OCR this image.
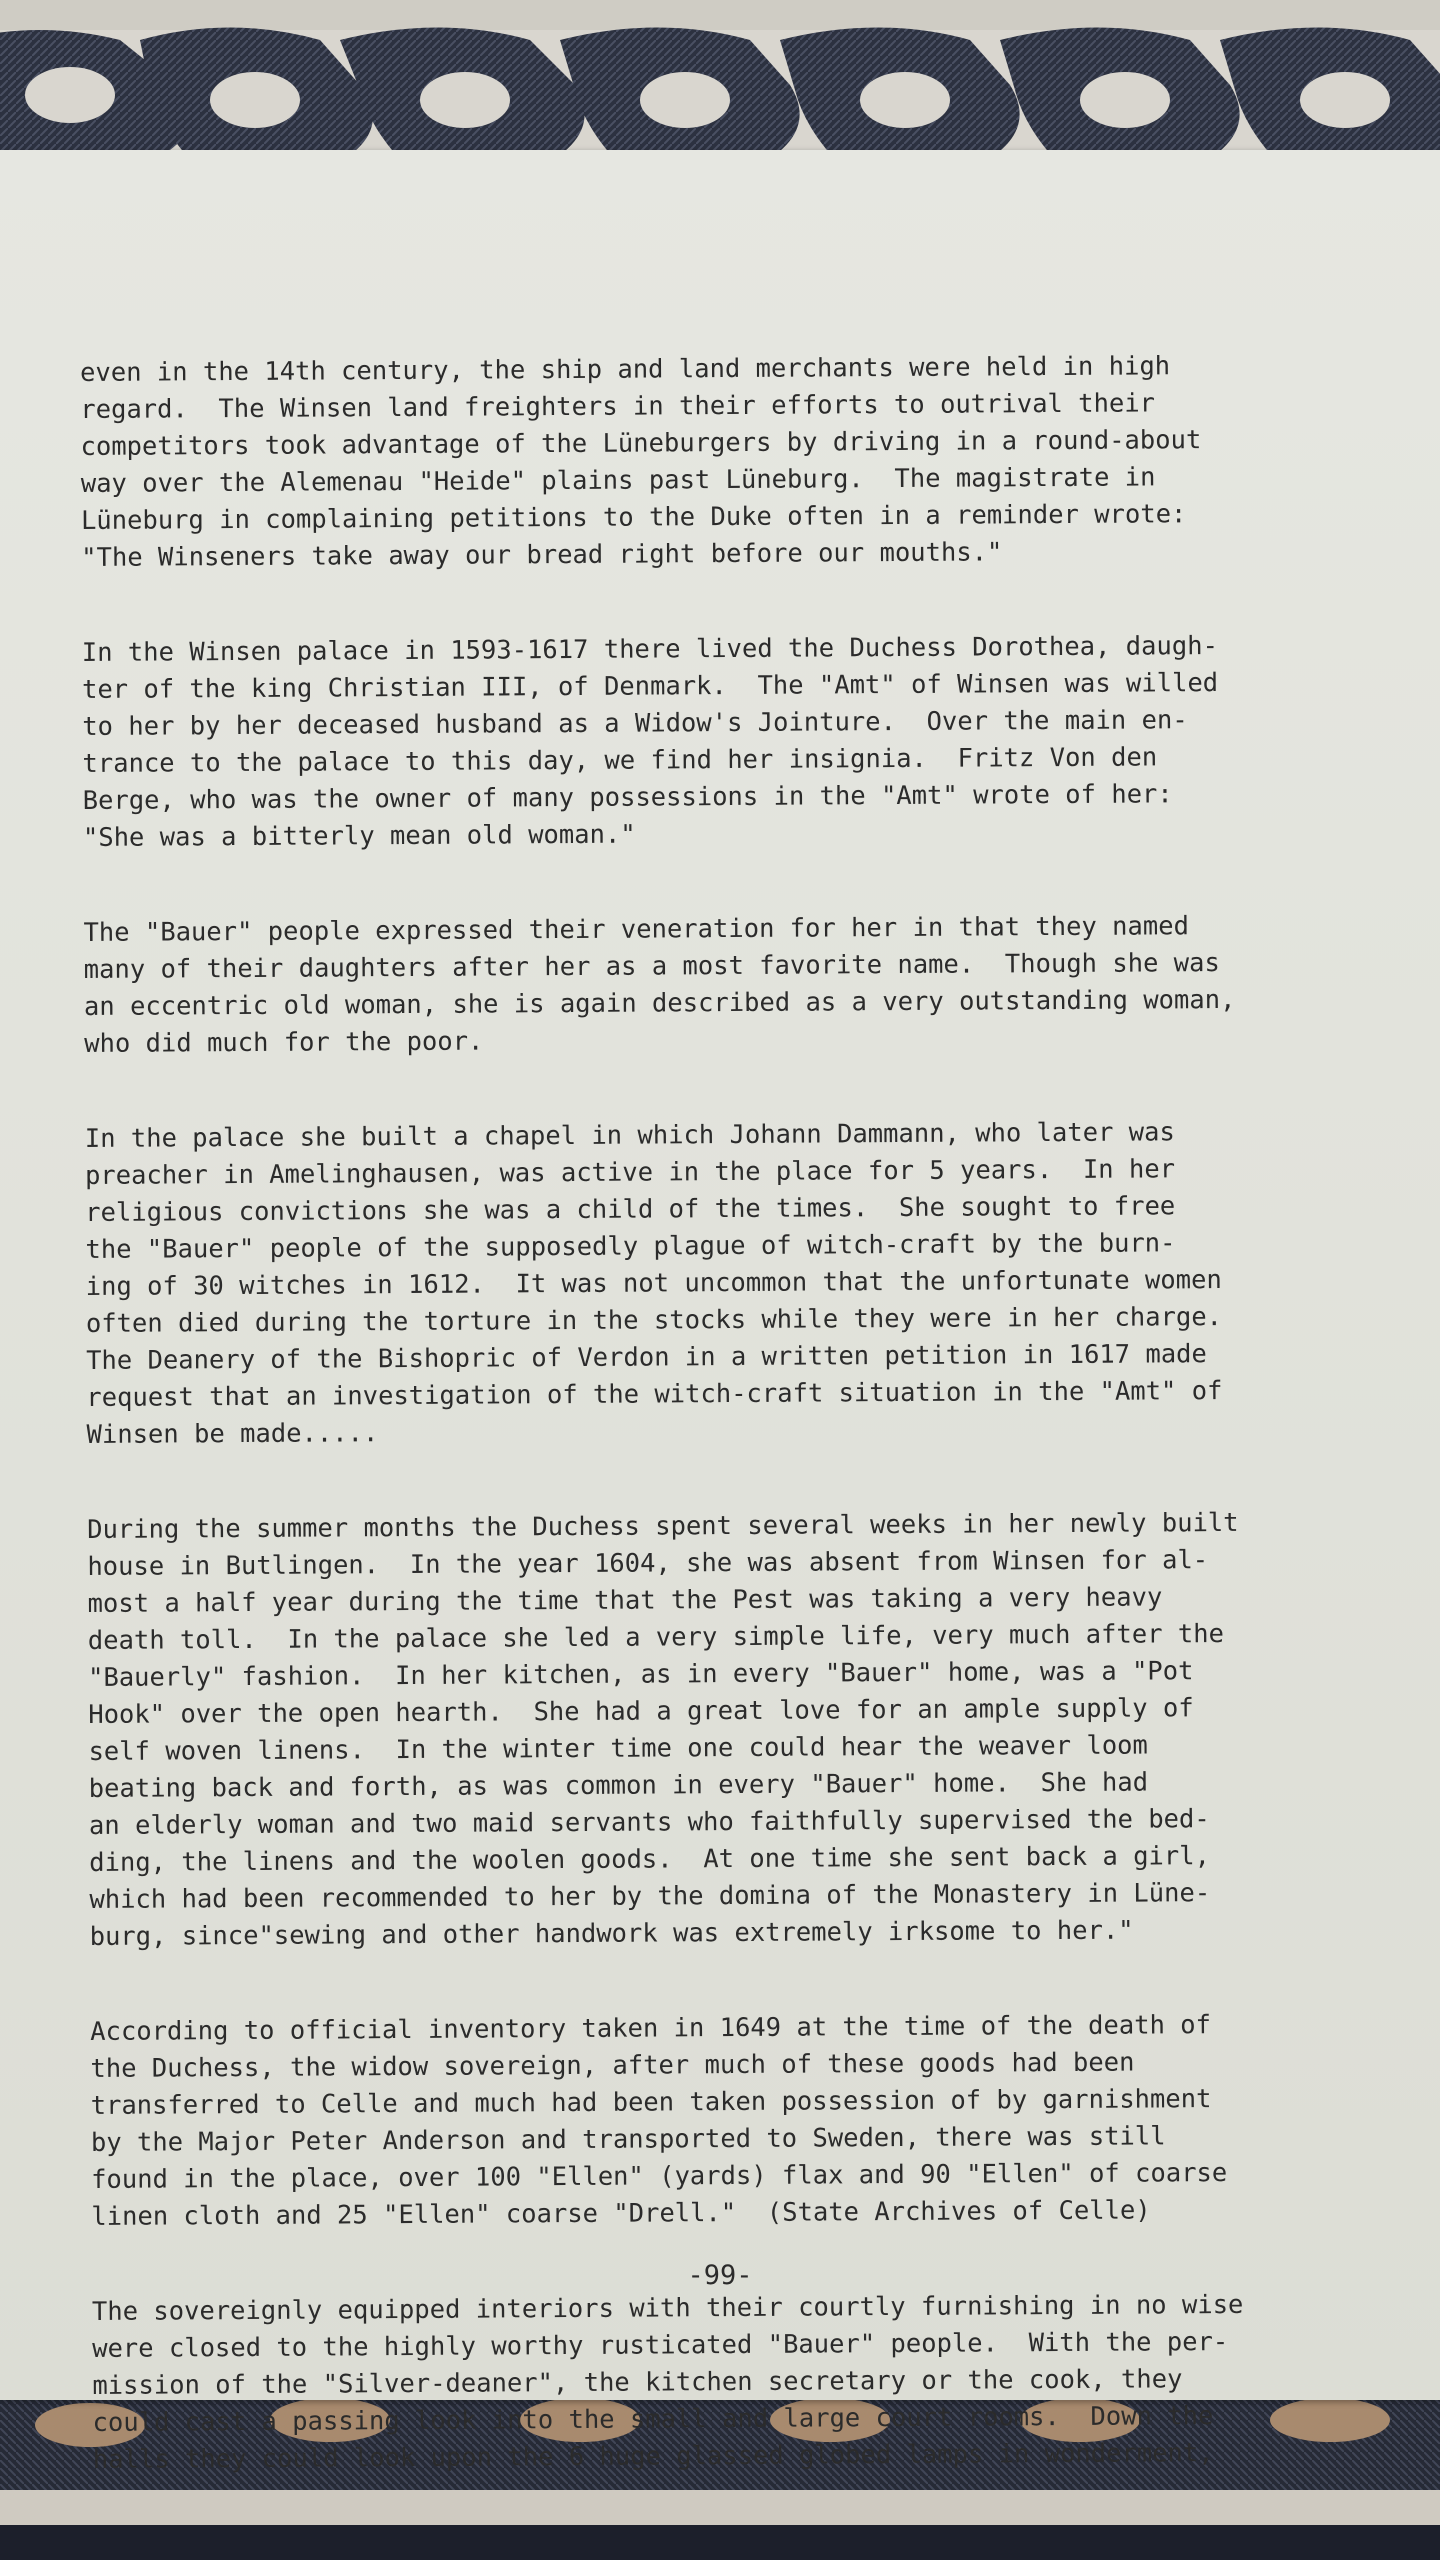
even in the 14th century, the ship and land merchants were held in high
regard.  The Winsen land freighters in their efforts to outrival their
competitors took advantage of the Lüneburgers by driving in a round-about
way over the Alemenau "Heide" plains past Lüneburg.  The magistrate in
Lüneburg in complaining petitions to the Duke often in a reminder wrote:
"The Winseners take away our bread right before our mouths."
In the Winsen palace in 1593-1617 there lived the Duchess Dorothea, daugh-
ter of the king Christian III, of Denmark.  The "Amt" of Winsen was willed
to her by her deceased husband as a Widow's Jointure.  Over the main en-
trance to the palace to this day, we find her insignia.  Fritz Von den
Berge, who was the owner of many possessions in the "Amt" wrote of her:
"She was a bitterly mean old woman."
The "Bauer" people expressed their veneration for her in that they named
many of their daughters after her as a most favorite name.  Though she was
an eccentric old woman, she is again described as a very outstanding woman,
who did much for the poor.
In the palace she built a chapel in which Johann Dammann, who later was
preacher in Amelinghausen, was active in the place for 5 years.  In her
religious convictions she was a child of the times.  She sought to free
the "Bauer" people of the supposedly plague of witch-craft by the burn-
ing of 30 witches in 1612.  It was not uncommon that the unfortunate women
often died during the torture in the stocks while they were in her charge.
The Deanery of the Bishopric of Verdon in a written petition in 1617 made
request that an investigation of the witch-craft situation in the "Amt" of
Winsen be made.....
During the summer months the Duchess spent several weeks in her newly built
house in Butlingen.  In the year 1604, she was absent from Winsen for al-
most a half year during the time that the Pest was taking a very heavy
death toll.  In the palace she led a very simple life, very much after the
"Bauerly" fashion.  In her kitchen, as in every "Bauer" home, was a "Pot
Hook" over the open hearth.  She had a great love for an ample supply of
self woven linens.  In the winter time one could hear the weaver loom
beating back and forth, as was common in every "Bauer" home.  She had
an elderly woman and two maid servants who faithfully supervised the bed-
ding, the linens and the woolen goods.  At one time she sent back a girl,
which had been recommended to her by the domina of the Monastery in Lüne-
burg, since"sewing and other handwork was extremely irksome to her."
According to official inventory taken in 1649 at the time of the death of
the Duchess, the widow sovereign, after much of these goods had been
transferred to Celle and much had been taken possession of by garnishment
by the Major Peter Anderson and transported to Sweden, there was still
found in the place, over 100 "Ellen" (yards) flax and 90 "Ellen" of coarse
linen cloth and 25 "Ellen" coarse "Drell."  (State Archives of Celle)
The sovereignly equipped interiors with their courtly furnishing in no wise
were closed to the highly worthy rusticated "Bauer" people.  With the per-
mission of the "Silver-deaner", the kitchen secretary or the cook, they
could cast a passing look into the small and large court rooms.  Down the
halls they could look upon the 6 huge glassed globed lamps in wonderment,
-99-
